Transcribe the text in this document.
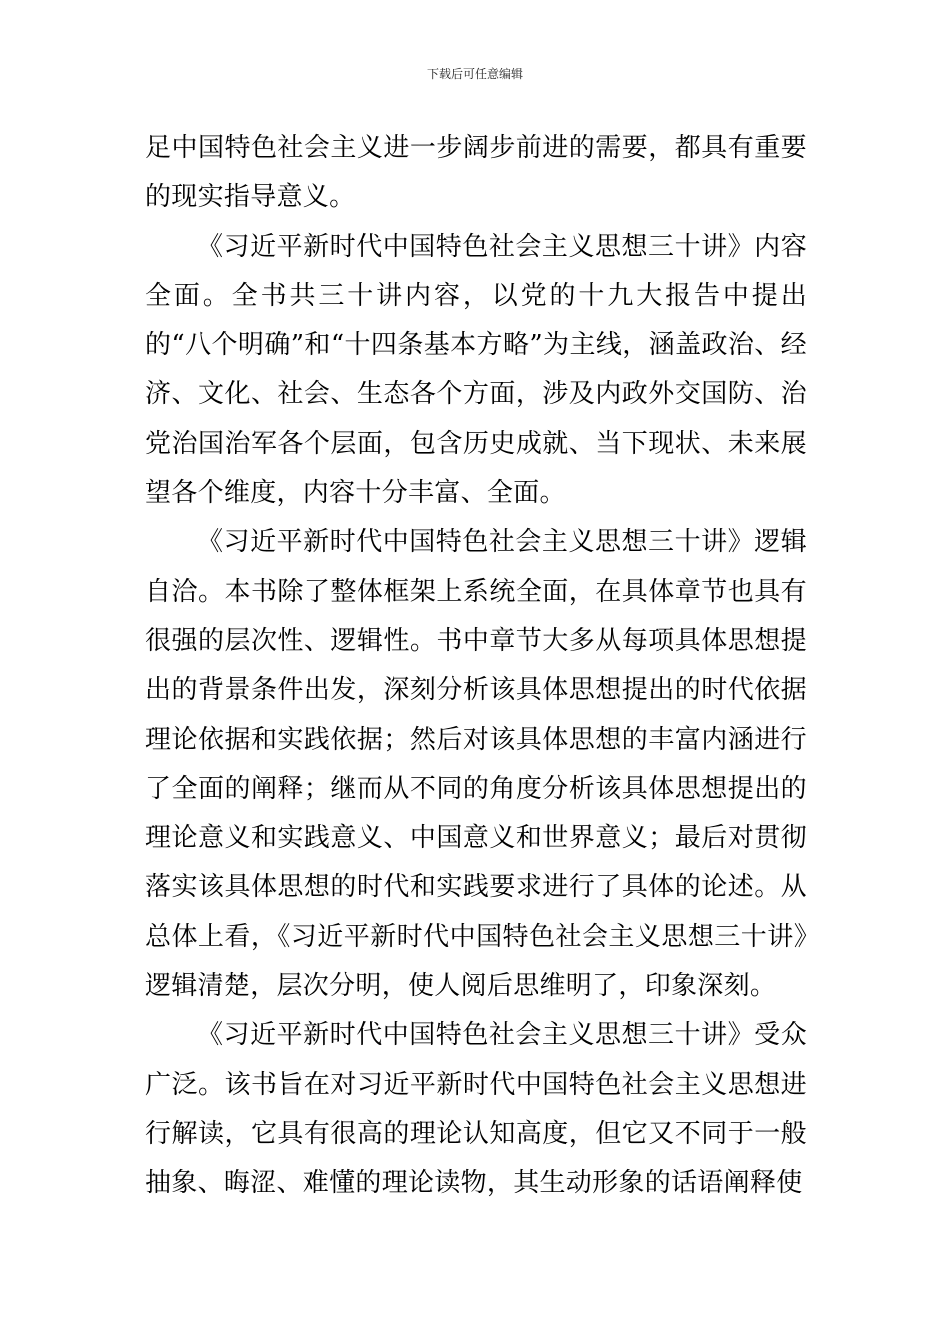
下载后可任意编辑

足中国特色社会主义进一步阔步前进的需要，都具有重要的现实指导意义。

《习近平新时代中国特色社会主义思想三十讲》内容全面。全书共三十讲内容，以党的十九大报告中提出的“八个明确”和“十四条基本方略”为主线，涵盖政治、经济、文化、社会、生态各个方面，涉及内政外交国防、治党治国治军各个层面，包含历史成就、当下现状、未来展望各个维度，内容十分丰富、全面。

《习近平新时代中国特色社会主义思想三十讲》逻辑自洽。本书除了整体框架上系统全面，在具体章节也具有很强的层次性、逻辑性。书中章节大多从每项具体思想提出的背景条件出发，深刻分析该具体思想提出的时代依据理论依据和实践依据；然后对该具体思想的丰富内涵进行了全面的阐释；继而从不同的角度分析该具体思想提出的理论意义和实践意义、中国意义和世界意义；最后对贯彻落实该具体思想的时代和实践要求进行了具体的论述。从总体上看，《习近平新时代中国特色社会主义思想三十讲》逻辑清楚，层次分明，使人阅后思维明了，印象深刻。

《习近平新时代中国特色社会主义思想三十讲》受众广泛。该书旨在对习近平新时代中国特色社会主义思想进行解读，它具有很高的理论认知高度，但它又不同于一般抽象、晦涩、难懂的理论读物，其生动形象的话语阐释使
